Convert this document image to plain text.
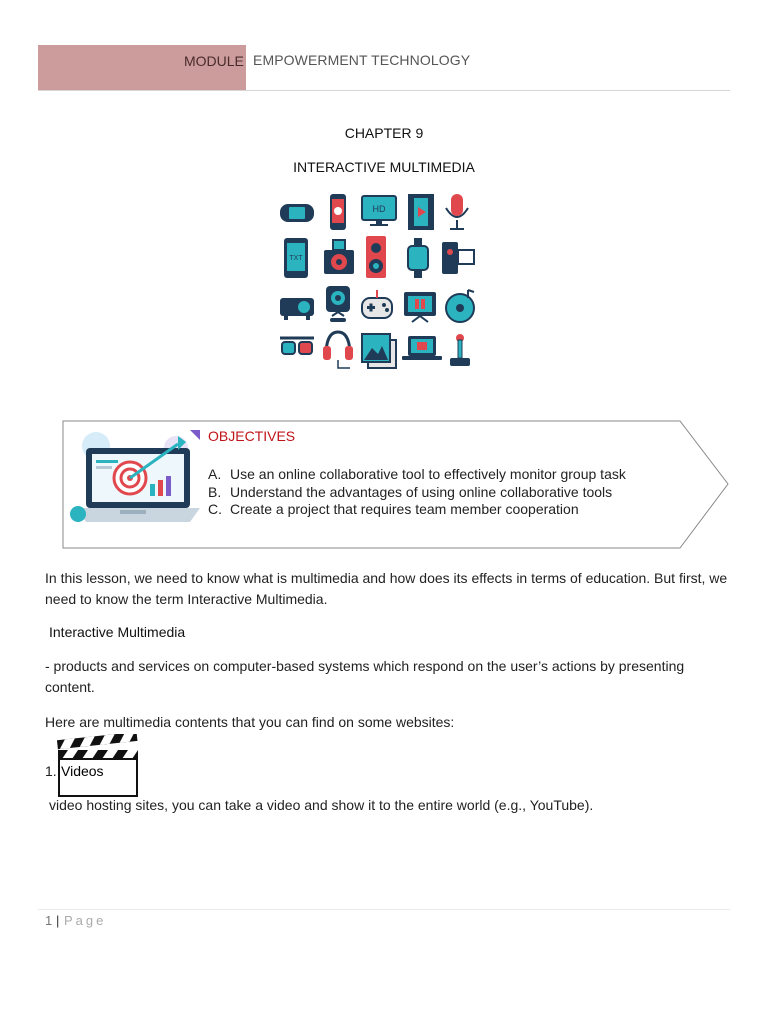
MODULE EMPOWERMENT TECHNOLOGY
CHAPTER 9
INTERACTIVE MULTIMEDIA
HD
TXT
OBJECTIVES
A. Use an online collaborative tool to effectively monitor group task
B. Understand the advantages of using online collaborative tools
C. Create a project that requires team member cooperation
In this lesson, we need to know what is multimedia and how does its effects in terms of education. But first, we need to know the term Interactive Multimedia.
Interactive Multimedia
- products and services on computer-based systems which respond on the user’s actions by presenting content.
Here are multimedia contents that you can find on some websites:
1. Videos
video hosting sites, you can take a video and show it to the entire world (e.g., YouTube).
1 | Page
